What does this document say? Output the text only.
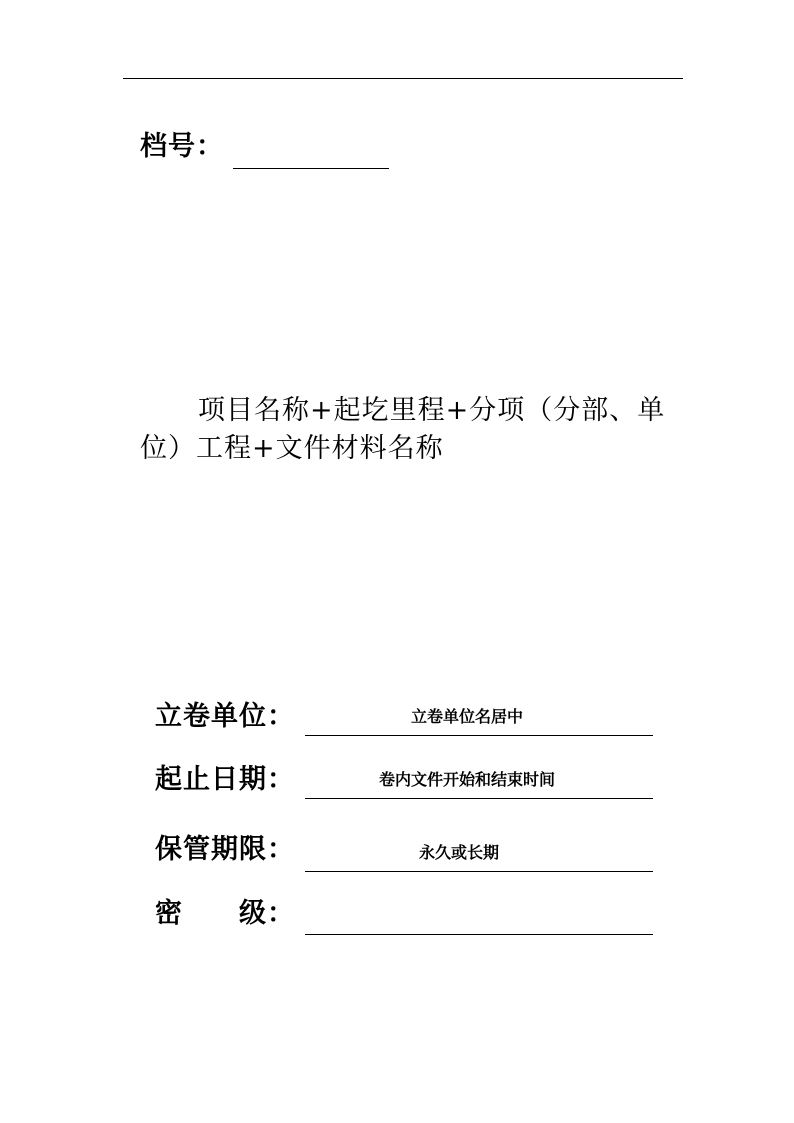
档号：
项目名称+起圪里程+分项（分部、单位）工程+文件材料名称
立卷单位：	立卷单位名居中
起止日期：	卷内文件开始和结束时间
保管期限：	永久或长期
密 级：
